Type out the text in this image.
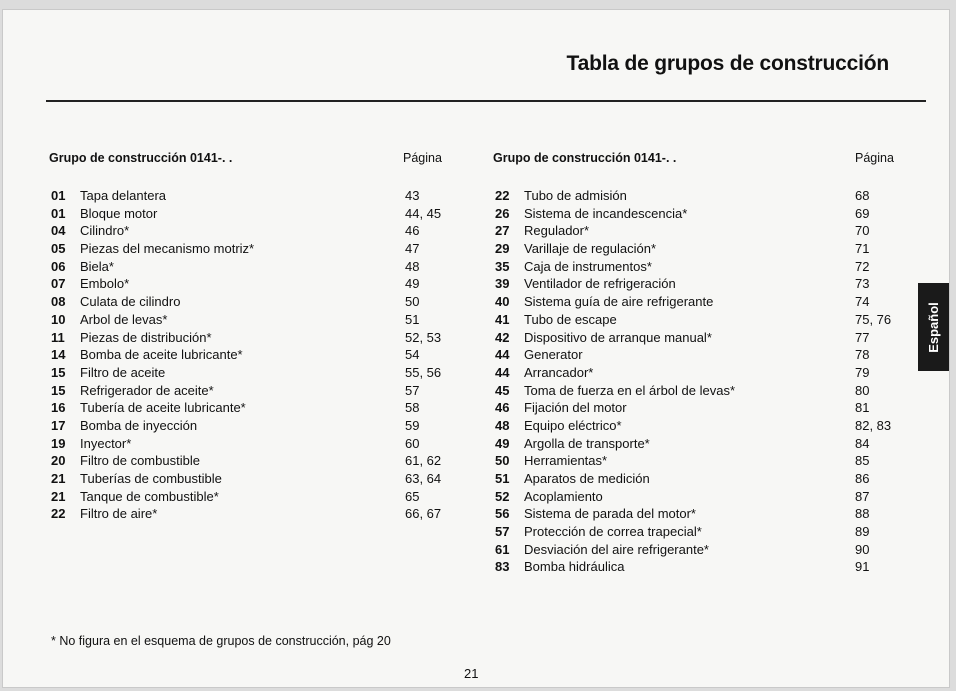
Tabla de grupos de construcción
Grupo de construcción 0141-. .	Página
01 Tapa delantera	43
01 Bloque motor	44, 45
04 Cilindro*	46
05 Piezas del mecanismo motriz*	47
06 Biela*	48
07 Embolo*	49
08 Culata de cilindro	50
10 Arbol de levas*	51
11 Piezas de distribución*	52, 53
14 Bomba de aceite lubricante*	54
15 Filtro de aceite	55, 56
15 Refrigerador de aceite*	57
16 Tubería de aceite lubricante*	58
17 Bomba de inyección	59
19 Inyector*	60
20 Filtro de combustible	61, 62
21 Tuberías de combustible	63, 64
21 Tanque de combustible*	65
22 Filtro de aire*	66, 67
Grupo de construcción 0141-. .	Página
22 Tubo de admisión	68
26 Sistema de incandescencia*	69
27 Regulador*	70
29 Varillaje de regulación*	71
35 Caja de instrumentos*	72
39 Ventilador de refrigeración	73
40 Sistema guía de aire refrigerante	74
41 Tubo de escape	75, 76
42 Dispositivo de arranque manual*	77
44 Generator	78
44 Arrancador*	79
45 Toma de fuerza en el árbol de levas*	80
46 Fijación del motor	81
48 Equipo eléctrico*	82, 83
49 Argolla de transporte*	84
50 Herramientas*	85
51 Aparatos de medición	86
52 Acoplamiento	87
56 Sistema de parada del motor*	88
57 Protección de correa trapecial*	89
61 Desviación del aire refrigerante*	90
83 Bomba hidráulica	91
* No figura en el esquema de grupos de construcción, pág 20
21
Español
